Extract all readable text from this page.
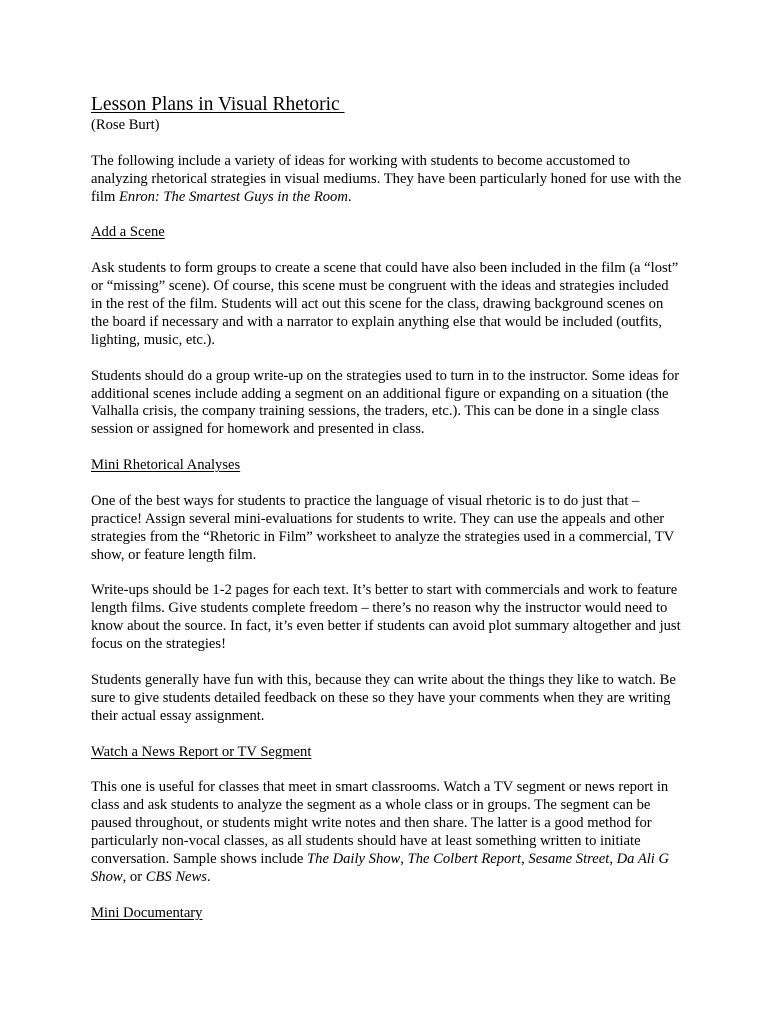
Lesson Plans in Visual Rhetoric
(Rose Burt)

The following include a variety of ideas for working with students to become accustomed to analyzing rhetorical strategies in visual mediums. They have been particularly honed for use with the film Enron: The Smartest Guys in the Room.

Add a Scene

Ask students to form groups to create a scene that could have also been included in the film (a “lost” or “missing” scene). Of course, this scene must be congruent with the ideas and strategies included in the rest of the film. Students will act out this scene for the class, drawing background scenes on the board if necessary and with a narrator to explain anything else that would be included (outfits, lighting, music, etc.).

Students should do a group write-up on the strategies used to turn in to the instructor. Some ideas for additional scenes include adding a segment on an additional figure or expanding on a situation (the Valhalla crisis, the company training sessions, the traders, etc.). This can be done in a single class session or assigned for homework and presented in class.

Mini Rhetorical Analyses

One of the best ways for students to practice the language of visual rhetoric is to do just that – practice! Assign several mini-evaluations for students to write. They can use the appeals and other strategies from the “Rhetoric in Film” worksheet to analyze the strategies used in a commercial, TV show, or feature length film.

Write-ups should be 1-2 pages for each text. It’s better to start with commercials and work to feature length films. Give students complete freedom – there’s no reason why the instructor would need to know about the source. In fact, it’s even better if students can avoid plot summary altogether and just focus on the strategies!

Students generally have fun with this, because they can write about the things they like to watch. Be sure to give students detailed feedback on these so they have your comments when they are writing their actual essay assignment.

Watch a News Report or TV Segment

This one is useful for classes that meet in smart classrooms. Watch a TV segment or news report in class and ask students to analyze the segment as a whole class or in groups. The segment can be paused throughout, or students might write notes and then share. The latter is a good method for particularly non-vocal classes, as all students should have at least something written to initiate conversation. Sample shows include The Daily Show, The Colbert Report, Sesame Street, Da Ali G Show, or CBS News.

Mini Documentary
